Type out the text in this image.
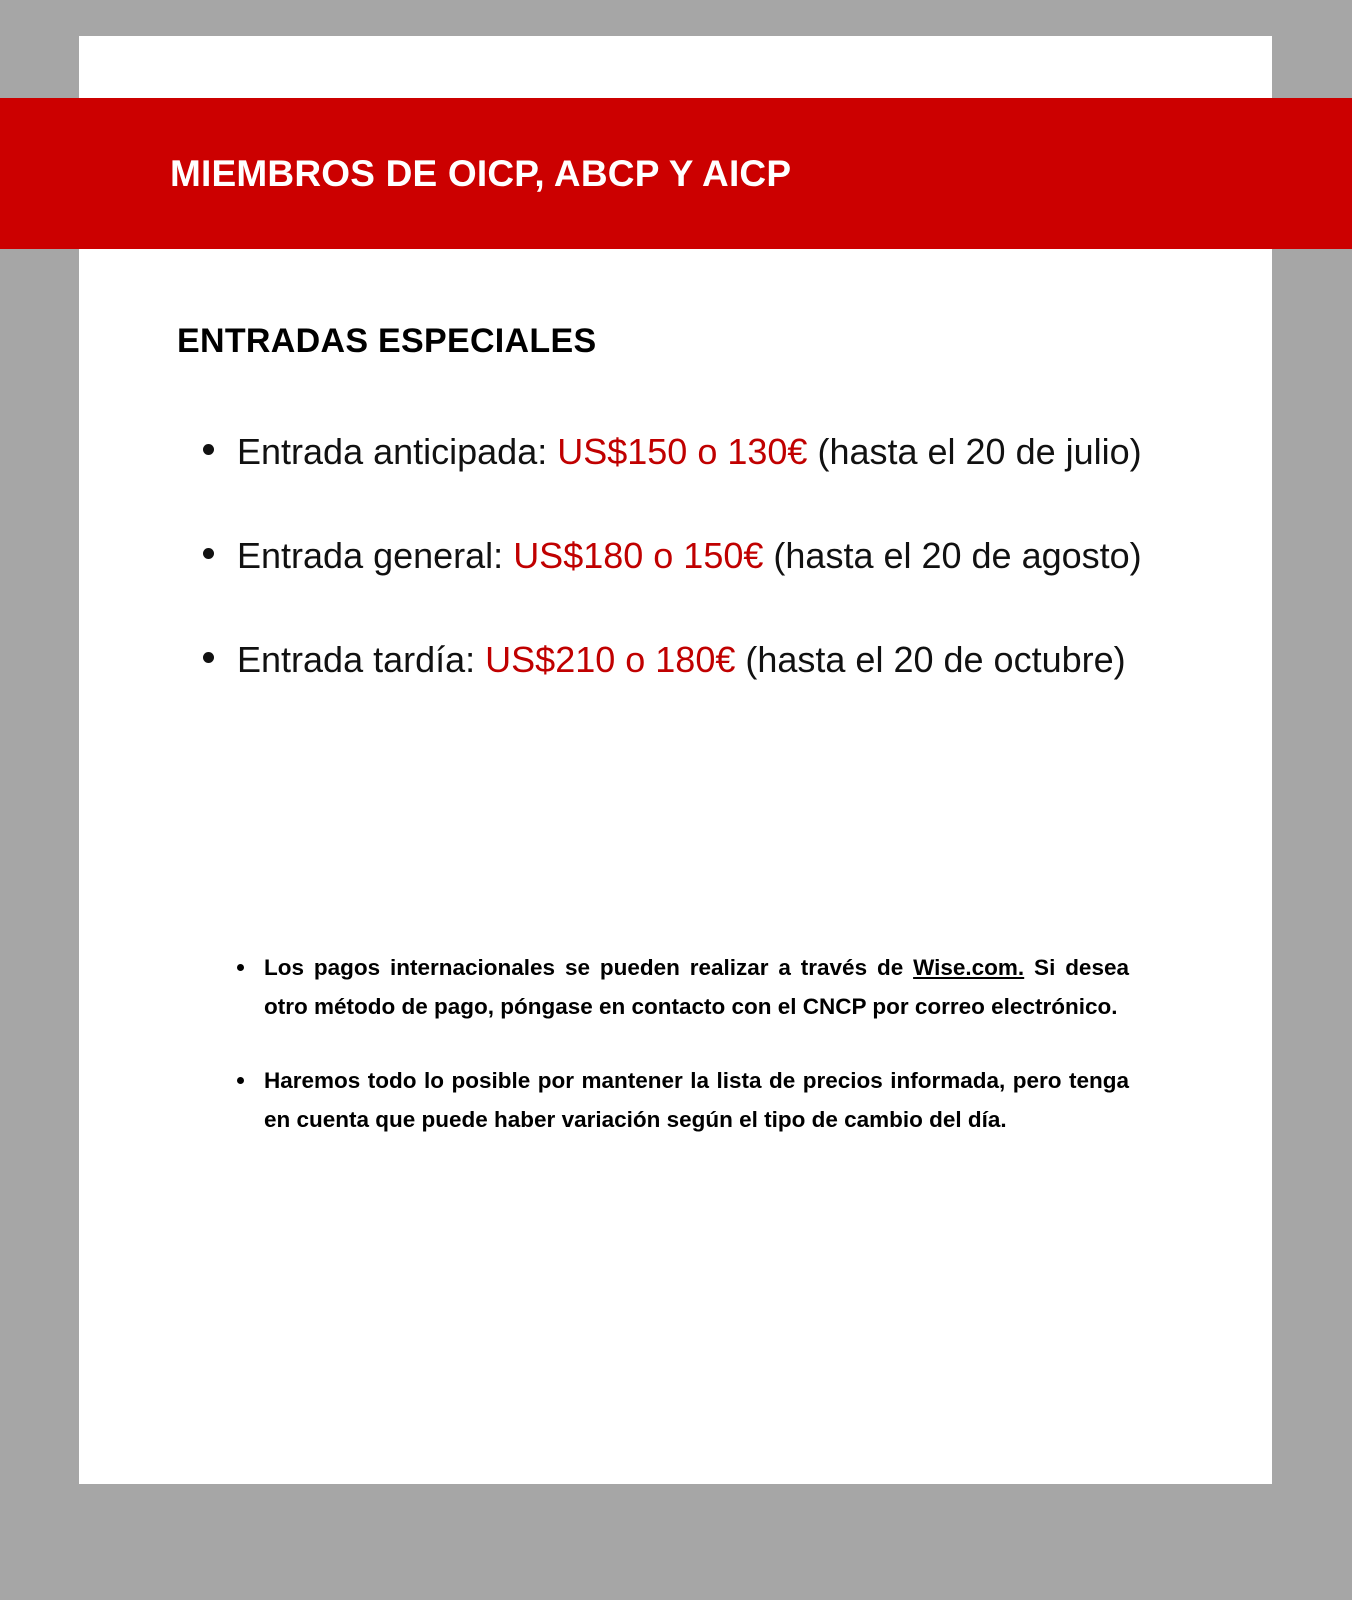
MIEMBROS DE OICP, ABCP Y AICP
ENTRADAS ESPECIALES
Entrada anticipada: US$150 o 130€ (hasta el 20 de julio)
Entrada general: US$180 o 150€ (hasta el 20 de agosto)
Entrada tardía: US$210 o 180€ (hasta el 20 de octubre)
Los pagos internacionales se pueden realizar a través de Wise.com. Si desea otro método de pago, póngase en contacto con el CNCP por correo electrónico.
Haremos todo lo posible por mantener la lista de precios informada, pero tenga en cuenta que puede haber variación según el tipo de cambio del día.
